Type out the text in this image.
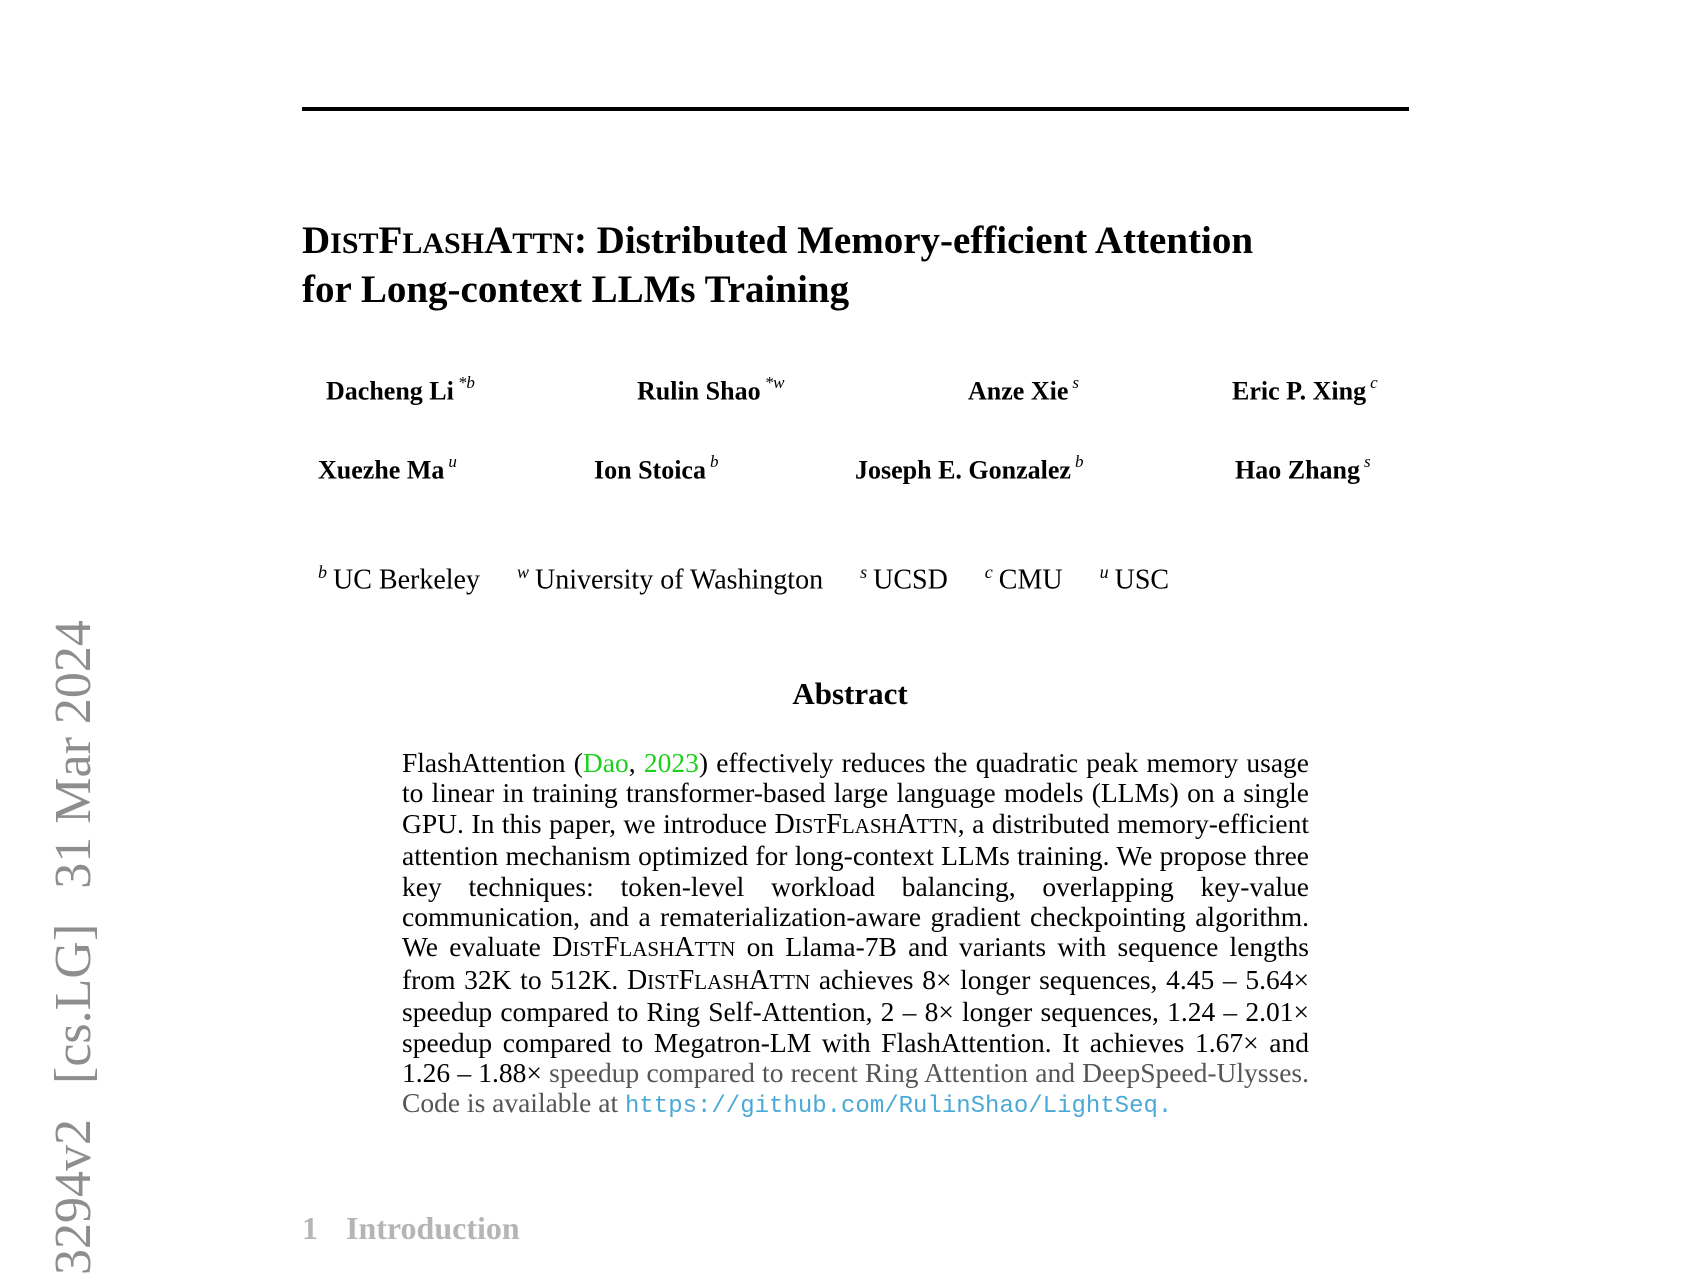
3294v2 [cs.LG] 31 Mar 2024
DISTFLASHATTN: Distributed Memory-efficient Attention
for Long-context LLMs Training
Dacheng Li $^{*b}$	Rulin Shao $^{*w}$	Anze Xie $^s$	Eric P. Xing $^c$
Xuezhe Ma $^u$	Ion Stoica $^b$	Joseph E. Gonzalez $^b$	Hao Zhang $^s$
$^b$ UC Berkeley $^w$ University of Washington $^s$ UCSD $^c$ CMU $^u$ USC
Abstract

FlashAttention (Dao, 2023) effectively reduces the quadratic peak memory usage to linear in training transformer-based large language models (LLMs) on a single GPU. In this paper, we introduce DISTFLASHATTN, a distributed memory-efficient attention mechanism optimized for long-context LLMs training. We propose three key techniques: token-level workload balancing, overlapping key-value communication, and a rematerialization-aware gradient checkpointing algorithm. We evaluate DISTFLASHATTN on Llama-7B and variants with sequence lengths from 32K to 512K. DISTFLASHATTN achieves 8× longer sequences, 4.45 – 5.64× speedup compared to Ring Self-Attention, 2 – 8× longer sequences, 1.24 – 2.01× speedup compared to Megatron-LM with FlashAttention. It achieves 1.67× and 1.26 – 1.88× speedup compared to recent Ring Attention and DeepSpeed-Ulysses. Code is available at https://github.com/RulinShao/LightSeq.

1 Introduction
